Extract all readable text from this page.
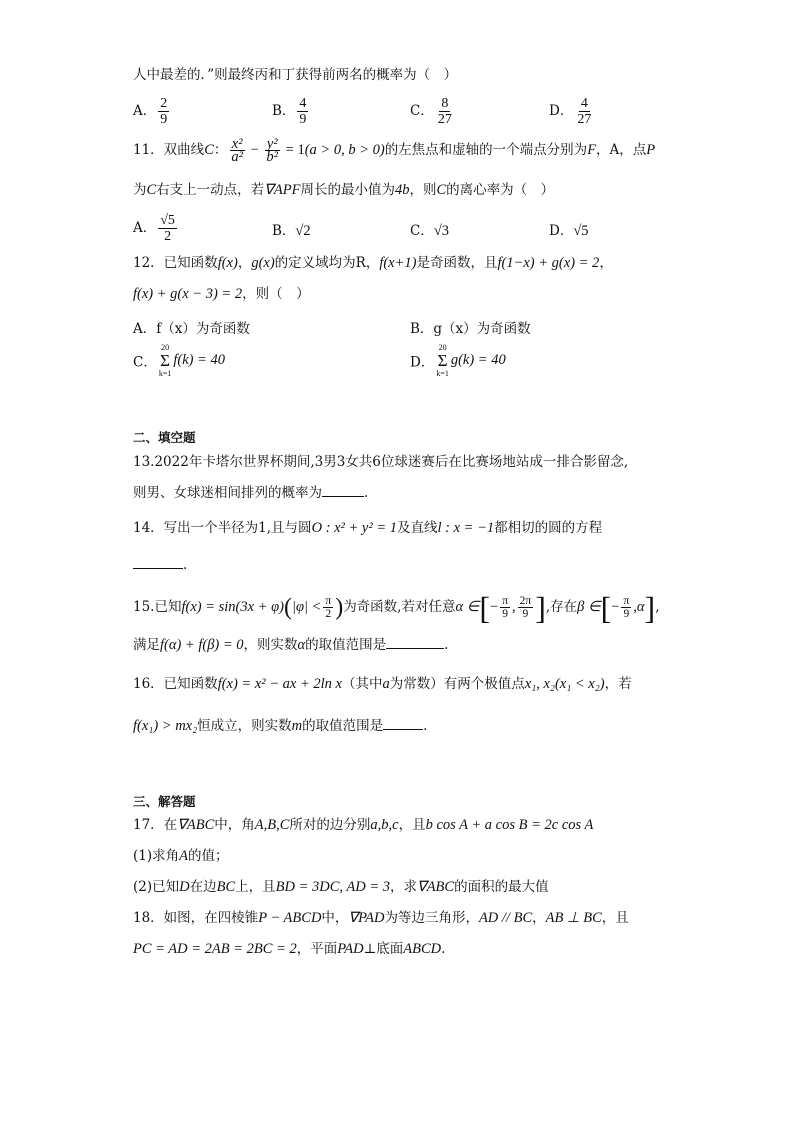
人中最差的．”则最终丙和丁获得前两名的概率为（　）
A． $\frac{2}{9}$	B． $\frac{4}{9}$	C． $\frac{8}{27}$	D． $\frac{4}{27}$
11．双曲线C： $\frac{\text{x²}}{\text{a²}} - \frac{\text{y²}}{\text{b²}} = 1(a > 0$, b > 0)的左焦点和虚轴的一个端点分别为F，A，点P
为C右支上一动点，若∇APF周长的最小值为4b，则C的离心率为（　）
A． $\frac{√5}{2}$	B．√2	C．√3	D．√5
12．已知函数f(x)，g(x)的定义域均为R，f(x+1)是奇函数，且f(1−x) + g(x) = 2，
f(x) + g(x − 3) = 2，则（　）
A．f（x）为奇函数	B．g（x）为奇函数
C．
20
Σ
k=1
f(k) = 40	D．
20
Σ
k=1
g(k) = 40
二、填空题
13.2022年卡塔尔世界杯期间,3男3女共6位球迷赛后在比赛场地站成一排合影留念,
则男、女球迷相间排列的概率为	.
14．写出一个半径为1,且与圆O : x² + y² = 1及直线l : x = −1都相切的圆的方程
.
15.已知$f(x) = \sin(3x + \varphi)(|\varphi| < \frac{\pi}{2}$ )为奇函数,若对任意α ∈[− $\frac{\pi}{9}$ , $\frac{2\pi}{9}$ ],存在β ∈[− $\frac{\pi}{9} ,\alpha$],
满足f(α) + f(β) = 0，则实数α的取值范围是	.
16．已知函数f(x) = x² − ax + 2ln x（其中a为常数）有两个极值点x₁, x₂(x₁ < x₂)，若
f(x₁) > mx₂恒成立，则实数m的取值范围是	.
三、解答题
17．在∇ABC中，角A,B,C所对的边分别a,b,c，且b cos A + a cos B = 2c cos A
(1)求角A的值；
(2)已知D在边BC上，且BD = 3DC, AD = 3，求∇ABC的面积的最大值
18．如图，在四棱锥P − ABCD中，∇PAD为等边三角形，AD // BC，AB ⊥ BC，且
PC = AD = 2AB = 2BC = 2，平面PAD⊥底面ABCD.
